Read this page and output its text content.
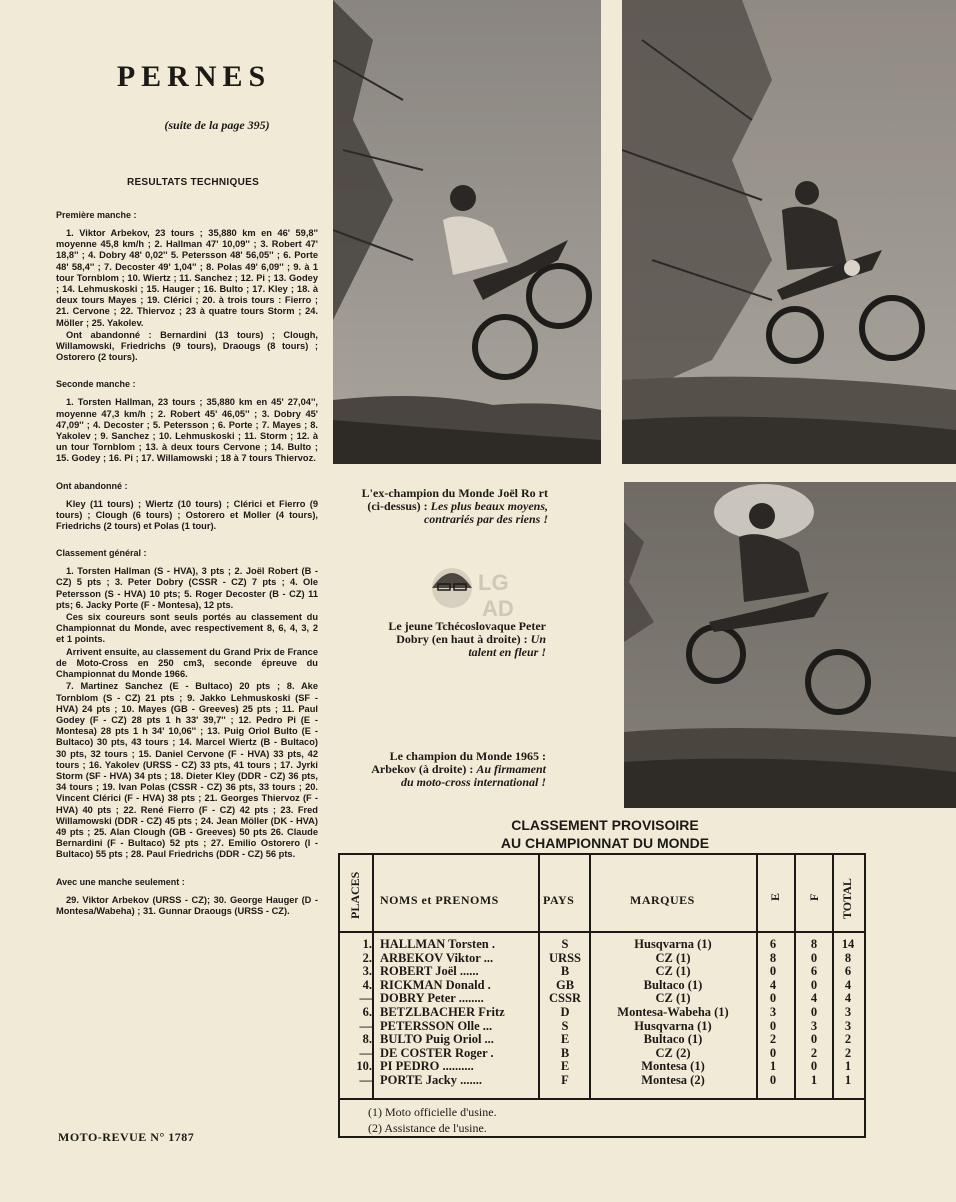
PERNES
(suite de la page 395)
RESULTATS TECHNIQUES
Première manche :

1. Viktor Arbekov, 23 tours ; 35,880 km en 46' 59,8'' moyenne 45,8 km/h ; 2. Hallman 47' 10,09'' ; 3. Robert 47' 18,8'' ; 4. Dobry 48' 0,02'' 5. Petersson 48' 56,05'' ; 6. Porte 48' 58,4'' ; 7. Decoster 49' 1,04'' ; 8. Polas 49' 6,09'' ; 9. à 1 tour Tornblom ; 10. Wiertz ; 11. Sanchez ; 12. Pi ; 13. Godey ; 14. Lehmuskoski ; 15. Hauger ; 16. Bulto ; 17. Kley ; 18. à deux tours Mayes ; 19. Clérici ; 20. à trois tours : Fierro ; 21. Cervone ; 22. Thiervoz ; 23 à quatre tours Storm ; 24. Möller ; 25. Yakolev.

Ont abandonné : Bernardini (13 tours) ; Clough, Willamowski, Friedrichs (9 tours), Draougs (8 tours) ; Ostorero (2 tours).

Seconde manche :

1. Torsten Hallman, 23 tours ; 35,880 km en 45' 27,04'', moyenne 47,3 km/h ; 2. Robert 45' 46,05'' ; 3. Dobry 45' 47,09'' ; 4. Decoster ; 5. Petersson ; 6. Porte ; 7. Mayes ; 8. Yakolev ; 9. Sanchez ; 10. Lehmuskoski ; 11. Storm ; 12. à un tour Tornblom ; 13. à deux tours Cervone ; 14. Bulto ; 15. Godey ; 16. Pi ; 17. Willamowski ; 18 à 7 tours Thiervoz.

Ont abandonné :

Kley (11 tours) ; Wiertz (10 tours) ; Clérici et Fierro (9 tours) ; Clough (6 tours) ; Ostorero et Moller (4 tours), Friedrichs (2 tours) et Polas (1 tour).

Classement général :

1. Torsten Hallman (S - HVA), 3 pts ; 2. Joël Robert (B - CZ) 5 pts ; 3. Peter Dobry (CSSR - CZ) 7 pts ; 4. Ole Petersson (S - HVA) 10 pts; 5. Roger Decoster (B - CZ) 11 pts; 6. Jacky Porte (F - Montesa), 12 pts.

Ces six coureurs sont seuls portés au classement du Championnat du Monde, avec respectivement 8, 6, 4, 3, 2 et 1 points.

Arrivent ensuite, au classement du Grand Prix de France de Moto-Cross en 250 cm3, seconde épreuve du Championnat du Monde 1966.

7. Martinez Sanchez (E - Bultaco) 20 pts ; 8. Ake Tornblom (S - CZ) 21 pts ; 9. Jakko Lehmuskoski (SF - HVA) 24 pts ; 10. Mayes (GB - Greeves) 25 pts ; 11. Paul Godey (F - CZ) 28 pts 1 h 33' 39,7'' ; 12. Pedro Pi (E - Montesa) 28 pts 1 h 34' 10,06'' ; 13. Puig Oriol Bulto (E - Bultaco) 30 pts, 43 tours ; 14. Marcel Wiertz (B - Bultaco) 30 pts, 32 tours ; 15. Daniel Cervone (F - HVA) 33 pts, 42 tours ; 16. Yakolev (URSS - CZ) 33 pts, 41 tours ; 17. Jyrki Storm (SF - HVA) 34 pts ; 18. Dieter Kley (DDR - CZ) 36 pts, 34 tours ; 19. Ivan Polas (CSSR - CZ) 36 pts, 33 tours ; 20. Vincent Clérici (F - HVA) 38 pts ; 21. Georges Thiervoz (F - HVA) 40 pts ; 22. René Fierro (F - CZ) 42 pts ; 23. Fred Willamowski (DDR - CZ) 45 pts ; 24. Jean Möller (DK - HVA) 49 pts ; 25. Alan Clough (GB - Greeves) 50 pts 26. Claude Bernardini (F - Bultaco) 52 pts ; 27. Emilio Ostorero (I - Bultaco) 55 pts ; 28. Paul Friedrichs (DDR - CZ) 56 pts.

Avec une manche seulement :

29. Viktor Arbekov (URSS - CZ); 30. George Hauger (D - Montesa/Wabeha) ; 31. Gunnar Draougs (URSS - CZ).

MOTO-REVUE N° 1787
L'ex-champion du Monde Joël Ro rt (ci-dessus) : Les plus beaux moyens, contrariés par des riens !
LG
AD
Le jeune Tchécoslovaque Peter Dobry (en haut à droite) : Un talent en fleur !
Le champion du Monde 1965 : Arbekov (à droite) : Au firmament du moto-cross international !
CLASSEMENT PROVISOIRE
AU CHAMPIONNAT DU MONDE
PLACES NOMS et PRENOMS	PAYS	MARQUES	E F TOTAL
1. HALLMAN Torsten .	S	Husqvarna (1)	6	8	14
2. ARBEKOV Viktor ...	URSS	CZ (1)	8	0	8
3. ROBERT Joël ......	B	CZ (1)	0	6	6
4. RICKMAN Donald .	GB	Bultaco (1)	4	0	4
— DOBRY Peter ........	CSSR	CZ (1)	0	4	4
6. BETZLBACHER Fritz	D	Montesa-Wabeha (1)	3	0	3
— PETERSSON Olle ...	S	Husqvarna (1)	0	3	3
8. BULTO Puig Oriol ...	E	Bultaco (1)	2	0	2
— DE COSTER Roger .	B	CZ (2)	0	2	2
10. PI PEDRO ..........	E	Montesa (1)	1	0	1
— PORTE Jacky .......	F	Montesa (2)	0	1	1
(1) Moto officielle d'usine.
(2) Assistance de l'usine.
